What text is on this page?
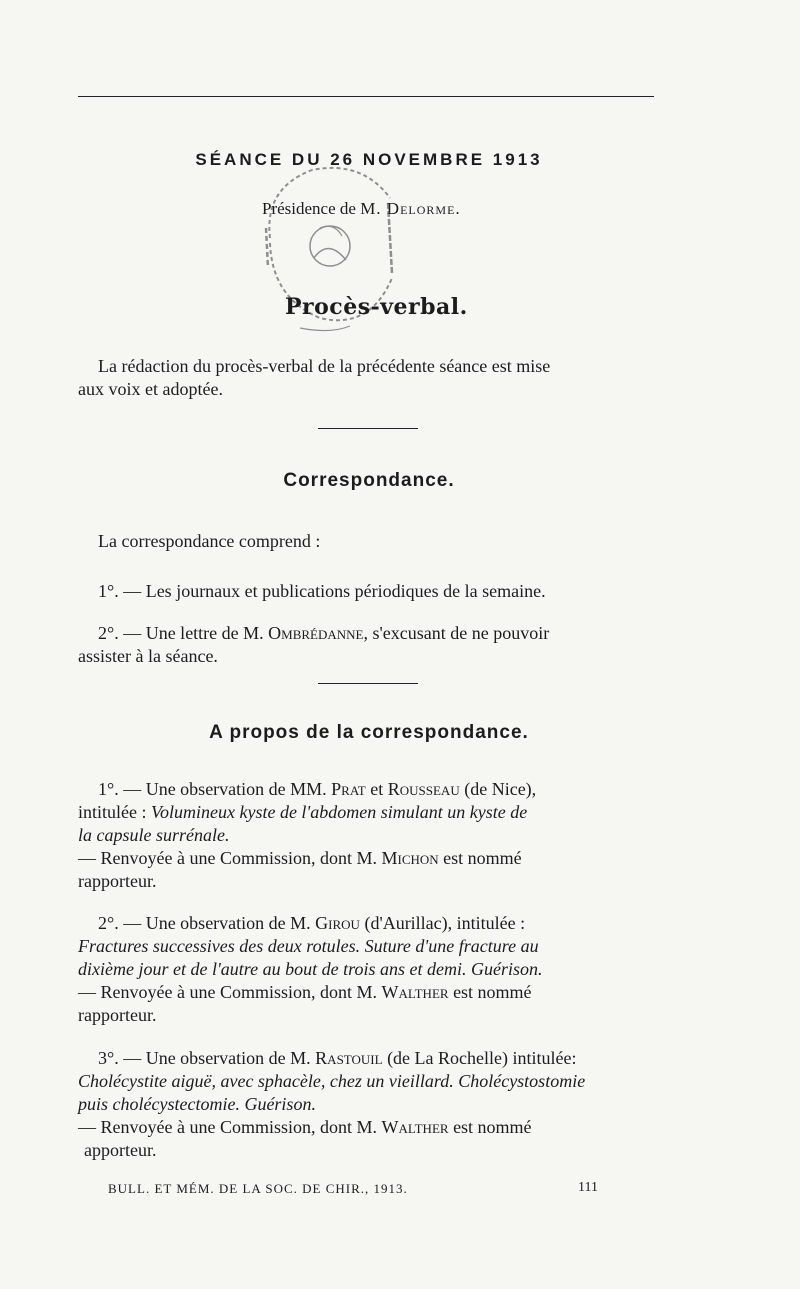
SÉANCE DU 26 NOVEMBRE 1913
Présidence de M. Delorme.
Procès-verbal.
La rédaction du procès-verbal de la précédente séance est mise
aux voix et adoptée.
Correspondance.
La correspondance comprend :
1°. — Les journaux et publications périodiques de la semaine.
2°. — Une lettre de M. Ombrédanne, s'excusant de ne pouvoir
assister à la séance.
A propos de la correspondance.
1°. — Une observation de MM. Prat et Rousseau (de Nice),
intitulée : Volumineux kyste de l'abdomen simulant un kyste de
la capsule surrénale.
— Renvoyée à une Commission, dont M. Michon est nommé
rapporteur.
2°. — Une observation de M. Girou (d'Aurillac), intitulée :
Fractures successives des deux rotules. Suture d'une fracture au
dixième jour et de l'autre au bout de trois ans et demi. Guérison.
— Renvoyée à une Commission, dont M. Walther est nommé
rapporteur.
3°. — Une observation de M. Rastouil (de La Rochelle) intitulée:
Cholécystite aiguë, avec sphacèle, chez un vieillard. Cholécystostomie
puis cholécystectomie. Guérison.
— Renvoyée à une Commission, dont M. Walther est nommé
apporteur.
BULL. ET MÉM. DE LA SOC. DE CHIR., 1913.	111
